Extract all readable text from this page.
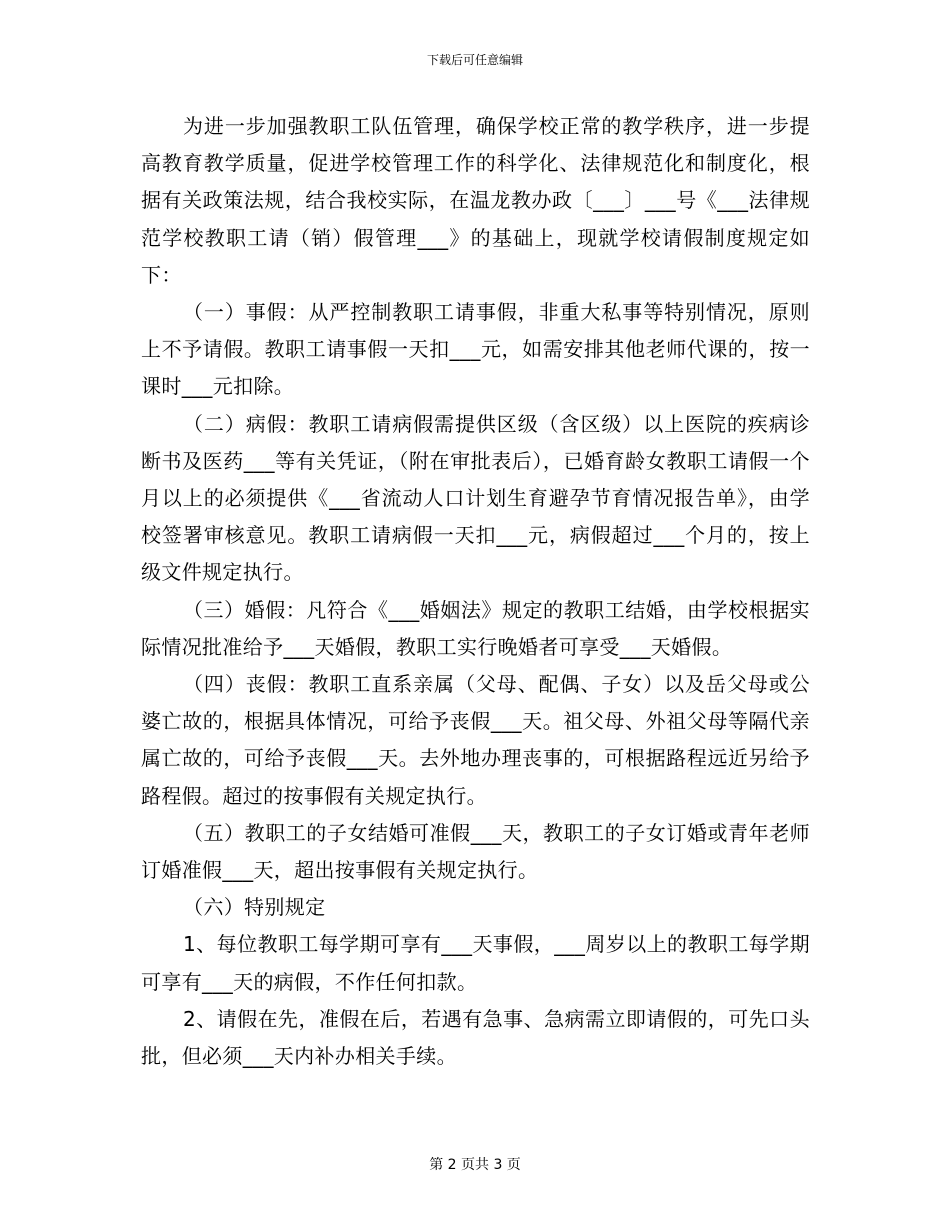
下载后可任意编辑

为进一步加强教职工队伍管理，确保学校正常的教学秩序，进一步提高教育教学质量，促进学校管理工作的科学化、法律规范化和制度化，根据有关政策法规，结合我校实际，在温龙教办政〔___〕___号《___法律规范学校教职工请（销）假管理___》的基础上，现就学校请假制度规定如下：

（一）事假：从严控制教职工请事假，非重大私事等特别情况，原则上不予请假。教职工请事假一天扣___元，如需安排其他老师代课的，按一课时___元扣除。

（二）病假：教职工请病假需提供区级（含区级）以上医院的疾病诊断书及医药___等有关凭证，（附在审批表后），已婚育龄女教职工请假一个月以上的必须提供《___省流动人口计划生育避孕节育情况报告单》，由学校签署审核意见。教职工请病假一天扣___元，病假超过___个月的，按上级文件规定执行。

（三）婚假：凡符合《___婚姻法》规定的教职工结婚，由学校根据实际情况批准给予___天婚假，教职工实行晚婚者可享受___天婚假。

（四）丧假：教职工直系亲属（父母、配偶、子女）以及岳父母或公婆亡故的，根据具体情况，可给予丧假___天。祖父母、外祖父母等隔代亲属亡故的，可给予丧假___天。去外地办理丧事的，可根据路程远近另给予路程假。超过的按事假有关规定执行。

（五）教职工的子女结婚可准假___天，教职工的子女订婚或青年老师订婚准假___天，超出按事假有关规定执行。

（六）特别规定

1、每位教职工每学期可享有___天事假，___周岁以上的教职工每学期可享有___天的病假，不作任何扣款。

2、请假在先，准假在后，若遇有急事、急病需立即请假的，可先口头批，但必须___天内补办相关手续。

第 2 页共 3 页
